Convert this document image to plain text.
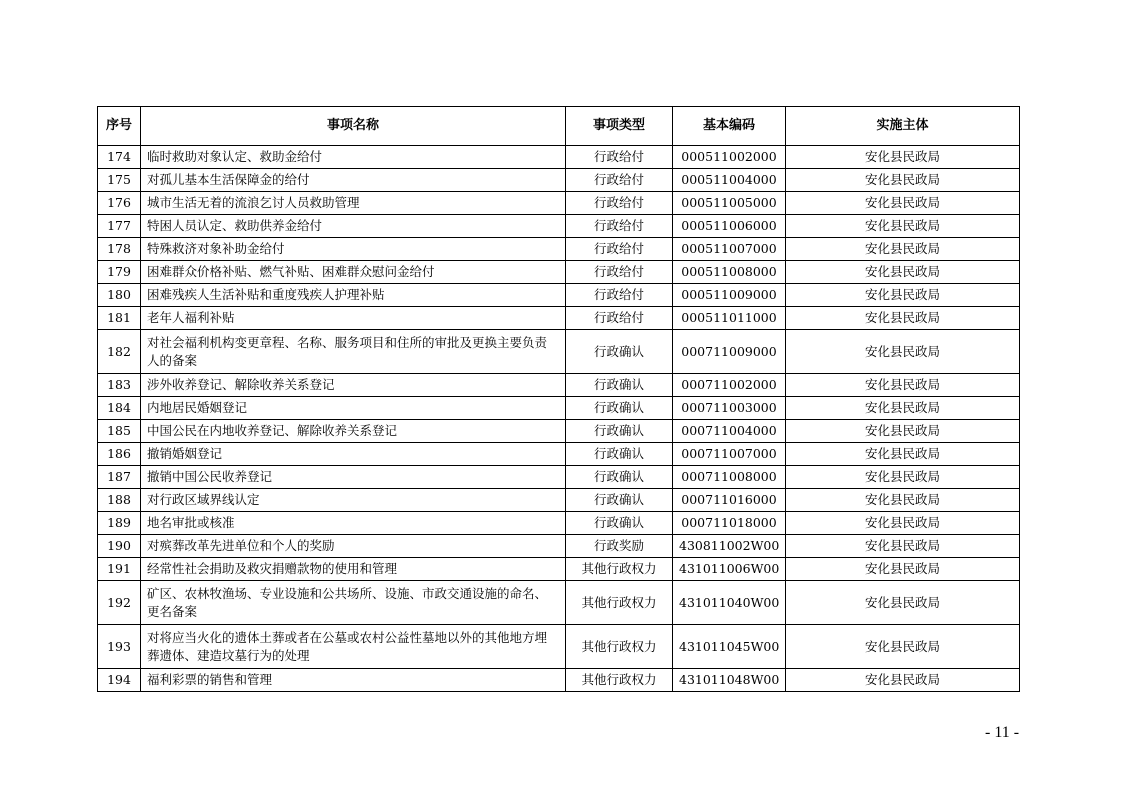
序号	事项名称	事项类型	基本编码	实施主体
174	临时救助对象认定、救助金给付	行政给付	000511002000	安化县民政局
175	对孤儿基本生活保障金的给付	行政给付	000511004000	安化县民政局
176	城市生活无着的流浪乞讨人员救助管理	行政给付	000511005000	安化县民政局
177	特困人员认定、救助供养金给付	行政给付	000511006000	安化县民政局
178	特殊救济对象补助金给付	行政给付	000511007000	安化县民政局
179	困难群众价格补贴、燃气补贴、困难群众慰问金给付	行政给付	000511008000	安化县民政局
180	困难残疾人生活补贴和重度残疾人护理补贴	行政给付	000511009000	安化县民政局
181	老年人福利补贴	行政给付	000511011000	安化县民政局
182	对社会福利机构变更章程、名称、服务项目和住所的审批及更换主要负责人的备案	行政确认	000711009000	安化县民政局
183	涉外收养登记、解除收养关系登记	行政确认	000711002000	安化县民政局
184	内地居民婚姻登记	行政确认	000711003000	安化县民政局
185	中国公民在内地收养登记、解除收养关系登记	行政确认	000711004000	安化县民政局
186	撤销婚姻登记	行政确认	000711007000	安化县民政局
187	撤销中国公民收养登记	行政确认	000711008000	安化县民政局
188	对行政区域界线认定	行政确认	000711016000	安化县民政局
189	地名审批或核准	行政确认	000711018000	安化县民政局
190	对殡葬改革先进单位和个人的奖励	行政奖励	430811002W00	安化县民政局
191	经常性社会捐助及救灾捐赠款物的使用和管理	其他行政权力	431011006W00	安化县民政局
192	矿区、农林牧渔场、专业设施和公共场所、设施、市政交通设施的命名、更名备案	其他行政权力	431011040W00	安化县民政局
193	对将应当火化的遗体土葬或者在公墓或农村公益性墓地以外的其他地方埋葬遗体、建造坟墓行为的处理	其他行政权力	431011045W00	安化县民政局
194	福利彩票的销售和管理	其他行政权力	431011048W00	安化县民政局
- 11 -
